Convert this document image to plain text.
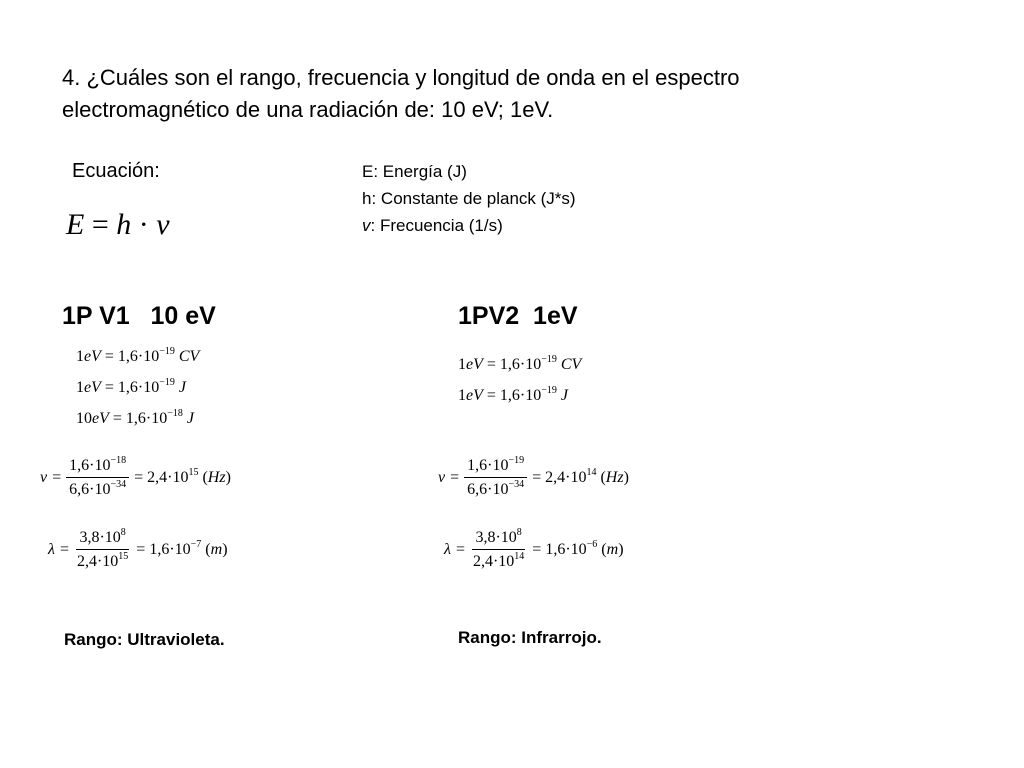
4. ¿Cuáles son el rango, frecuencia y longitud de onda en el espectro
electromagnético de una radiación de: 10 eV; 1eV.
Ecuación:
E = h · ν
E: Energía (J)
h: Constante de planck (J*s)
v: Frecuencia (1/s)
1P V1   10 eV
$1eV = 1,6\cdot 10^{-19}$ CV
$1eV = 1,6\cdot 10^{-19}$ J
$10eV = 1,6\cdot 10^{-18}$ J
$\nu = \frac{1,6\cdot 10^{-18}}{6,6\cdot 10^{-34}} = 2,4\cdot 10^{15}$ (Hz)
$\lambda = \frac{3,8\cdot 10^8}{2,4\cdot 10^{15}} = 1,6\cdot 10^{-7}$ (m)
Rango: Ultravioleta.
1PV2  1eV
$1eV = 1,6\cdot 10^{-19}$ CV
$1eV = 1,6\cdot 10^{-19}$ J
$\nu = \frac{1,6\cdot 10^{-19}}{6,6\cdot 10^{-34}} = 2,4\cdot 10^{14}$ (Hz)
$\lambda = \frac{3,8\cdot 10^8}{2,4\cdot 10^{14}} = 1,6\cdot 10^{-6}$ (m)
Rango: Infrarrojo.
